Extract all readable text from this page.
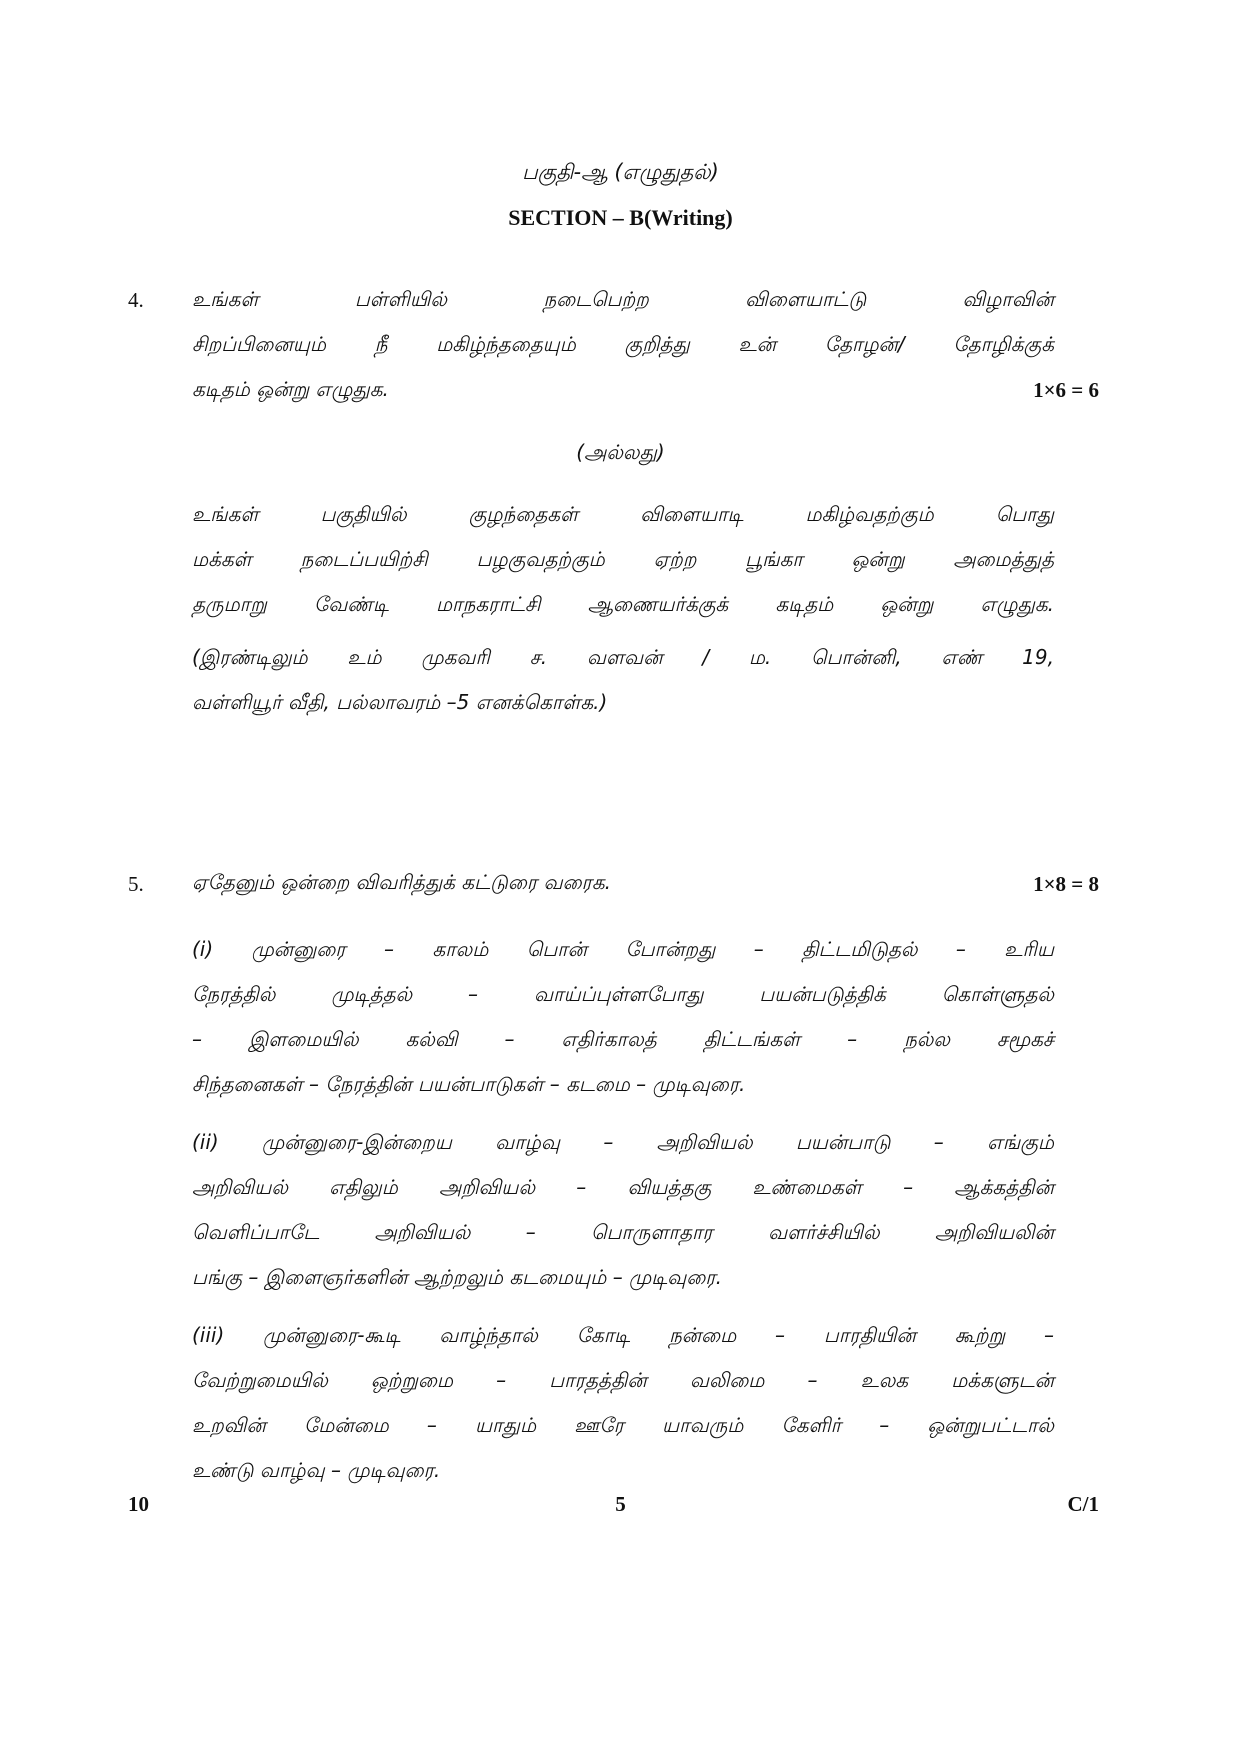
பகுதி-ஆ (எழுதுதல்)
SECTION – B(Writing)
4. உங்கள் பள்ளியில் நடைபெற்ற விளையாட்டு விழாவின்
சிறப்பினையும் நீ மகிழ்ந்ததையும் குறித்து உன் தோழன்/ தோழிக்குக்
கடிதம் ஒன்று எழுதுக.	1×6 = 6
(அல்லது)
உங்கள் பகுதியில் குழந்தைகள் விளையாடி மகிழ்வதற்கும் பொது
மக்கள் நடைப்பயிற்சி பழகுவதற்கும் ஏற்ற பூங்கா ஒன்று அமைத்துத்
தருமாறு வேண்டி மாநகராட்சி ஆணையர்க்குக் கடிதம் ஒன்று எழுதுக.
(இரண்டிலும் உம் முகவரி ச. வளவன் / ம. பொன்னி, எண் 19,
வள்ளியூர் வீதி, பல்லாவரம் –5 எனக்கொள்க.)
5. ஏதேனும் ஒன்றை விவரித்துக் கட்டுரை வரைக.	1×8 = 8
(i) முன்னுரை – காலம் பொன் போன்றது – திட்டமிடுதல் – உரிய
நேரத்தில் முடித்தல் – வாய்ப்புள்ளபோது பயன்படுத்திக் கொள்ளுதல்
– இளமையில் கல்வி – எதிர்காலத் திட்டங்கள் – நல்ல சமூகச்
சிந்தனைகள் – நேரத்தின் பயன்பாடுகள் – கடமை – முடிவுரை.
(ii) முன்னுரை-இன்றைய வாழ்வு – அறிவியல் பயன்பாடு – எங்கும்
அறிவியல் எதிலும் அறிவியல் – வியத்தகு உண்மைகள் – ஆக்கத்தின்
வெளிப்பாடே அறிவியல் – பொருளாதார வளர்ச்சியில் அறிவியலின்
பங்கு – இளைஞர்களின் ஆற்றலும் கடமையும் – முடிவுரை.
(iii) முன்னுரை-கூடி வாழ்ந்தால் கோடி நன்மை – பாரதியின் கூற்று –
வேற்றுமையில் ஒற்றுமை – பாரதத்தின் வலிமை – உலக மக்களுடன்
உறவின் மேன்மை – யாதும் ஊரே யாவரும் கேளிர் – ஒன்றுபட்டால்
உண்டு வாழ்வு – முடிவுரை.
10	5	C/1
